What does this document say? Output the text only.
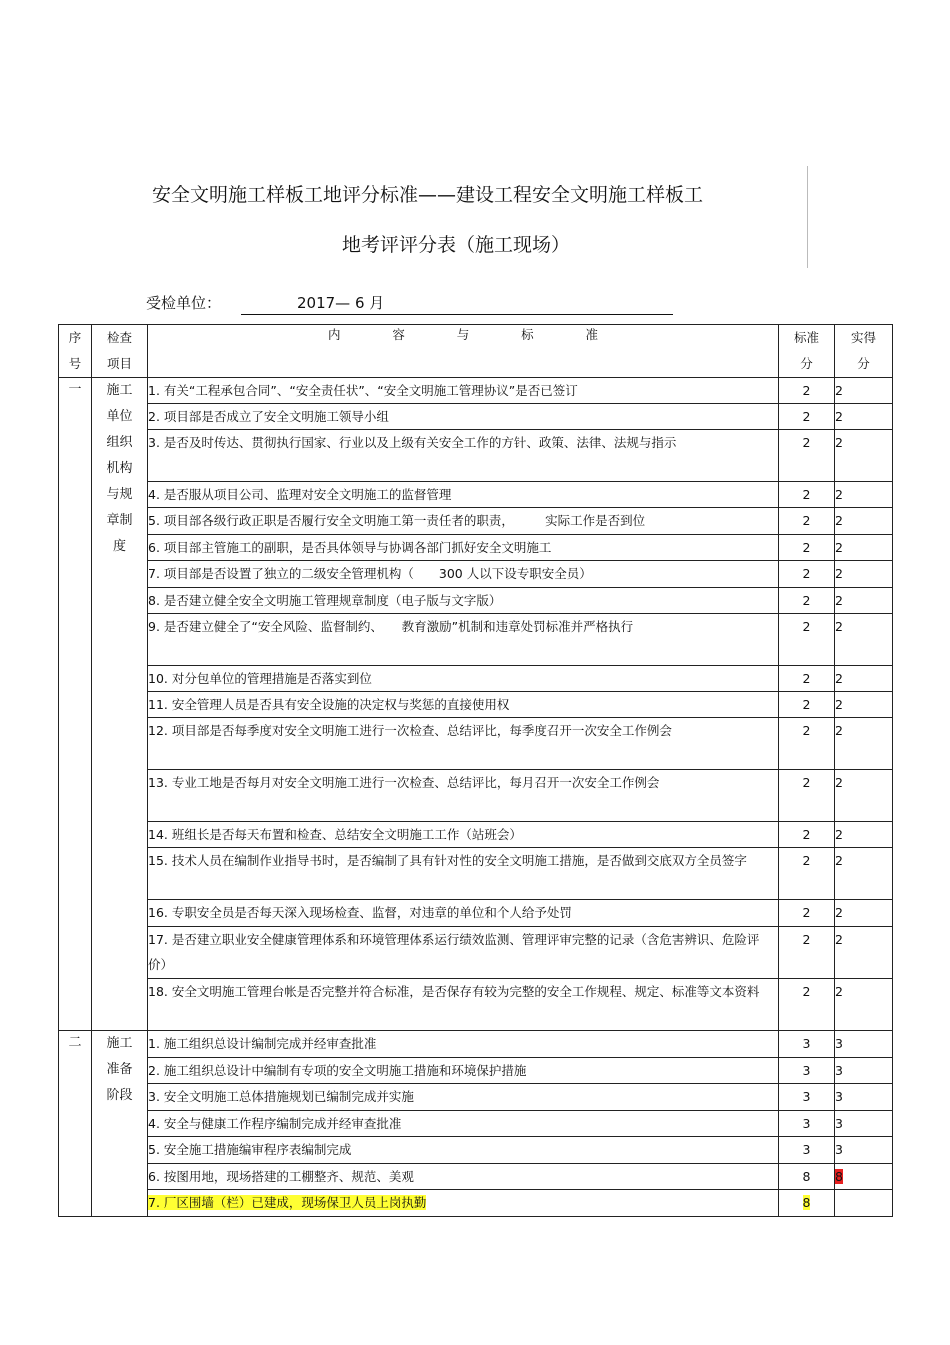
安全文明施工样板工地评分标准——建设工程安全文明施工样板工
地考评评分表（施工现场）
受检单位：	2017— 6 月
序号	检查项目	内 容 与 标 准	标准分	实得分

一	施工单位组织机构与规章制度	1. 有关“工程承包合同”、“安全责任状”、“安全文明施工管理协议”是否已签订	2	2
		2. 项目部是否成立了安全文明施工领导小组	2	2
		3. 是否及时传达、贯彻执行国家、行业以及上级有关安全工作的方针、政策、法律、法规与指示	2	2
		4. 是否服从项目公司、监理对安全文明施工的监督管理	2	2
		5. 项目部各级行政正职是否履行安全文明施工第一责任者的职责，　　　实际工作是否到位	2	2
		6. 项目部主管施工的副职，是否具体领导与协调各部门抓好安全文明施工	2	2
		7. 项目部是否设置了独立的二级安全管理机构（　　300 人以下设专职安全员）	2	2
		8. 是否建立健全安全文明施工管理规章制度（电子版与文字版）	2	2
		9. 是否建立健全了“安全风险、监督制约、　　教育激励”机制和违章处罚标准并严格执行	2	2
		10. 对分包单位的管理措施是否落实到位	2	2
		11. 安全管理人员是否具有安全设施的决定权与奖惩的直接使用权	2	2
		12. 项目部是否每季度对安全文明施工进行一次检查、总结评比，每季度召开一次安全工作例会	2	2
		13. 专业工地是否每月对安全文明施工进行一次检查、总结评比，每月召开一次安全工作例会	2	2
		14. 班组长是否每天布置和检查、总结安全文明施工工作（站班会）	2	2
		15. 技术人员在编制作业指导书时，是否编制了具有针对性的安全文明施工措施，是否做到交底双方全员签字	2	2
		16. 专职安全员是否每天深入现场检查、监督，对违章的单位和个人给予处罚	2	2
		17. 是否建立职业安全健康管理体系和环境管理体系运行绩效监测、管理评审完整的记录（含危害辨识、危险评价）	2	2
		18. 安全文明施工管理台帐是否完整并符合标准，是否保存有较为完整的安全工作规程、规定、标准等文本资料	2	2
二	施工准备阶段	1. 施工组织总设计编制完成并经审查批准	3	3
		2. 施工组织总设计中编制有专项的安全文明施工措施和环境保护措施	3	3
		3. 安全文明施工总体措施规划已编制完成并实施	3	3
		4. 安全与健康工作程序编制完成并经审查批准	3	3
		5. 安全施工措施编审程序表编制完成	3	3
		6. 按图用地，现场搭建的工棚整齐、规范、美观	8	8
		7. 厂区围墙（栏）已建成，现场保卫人员上岗执勤	8	
